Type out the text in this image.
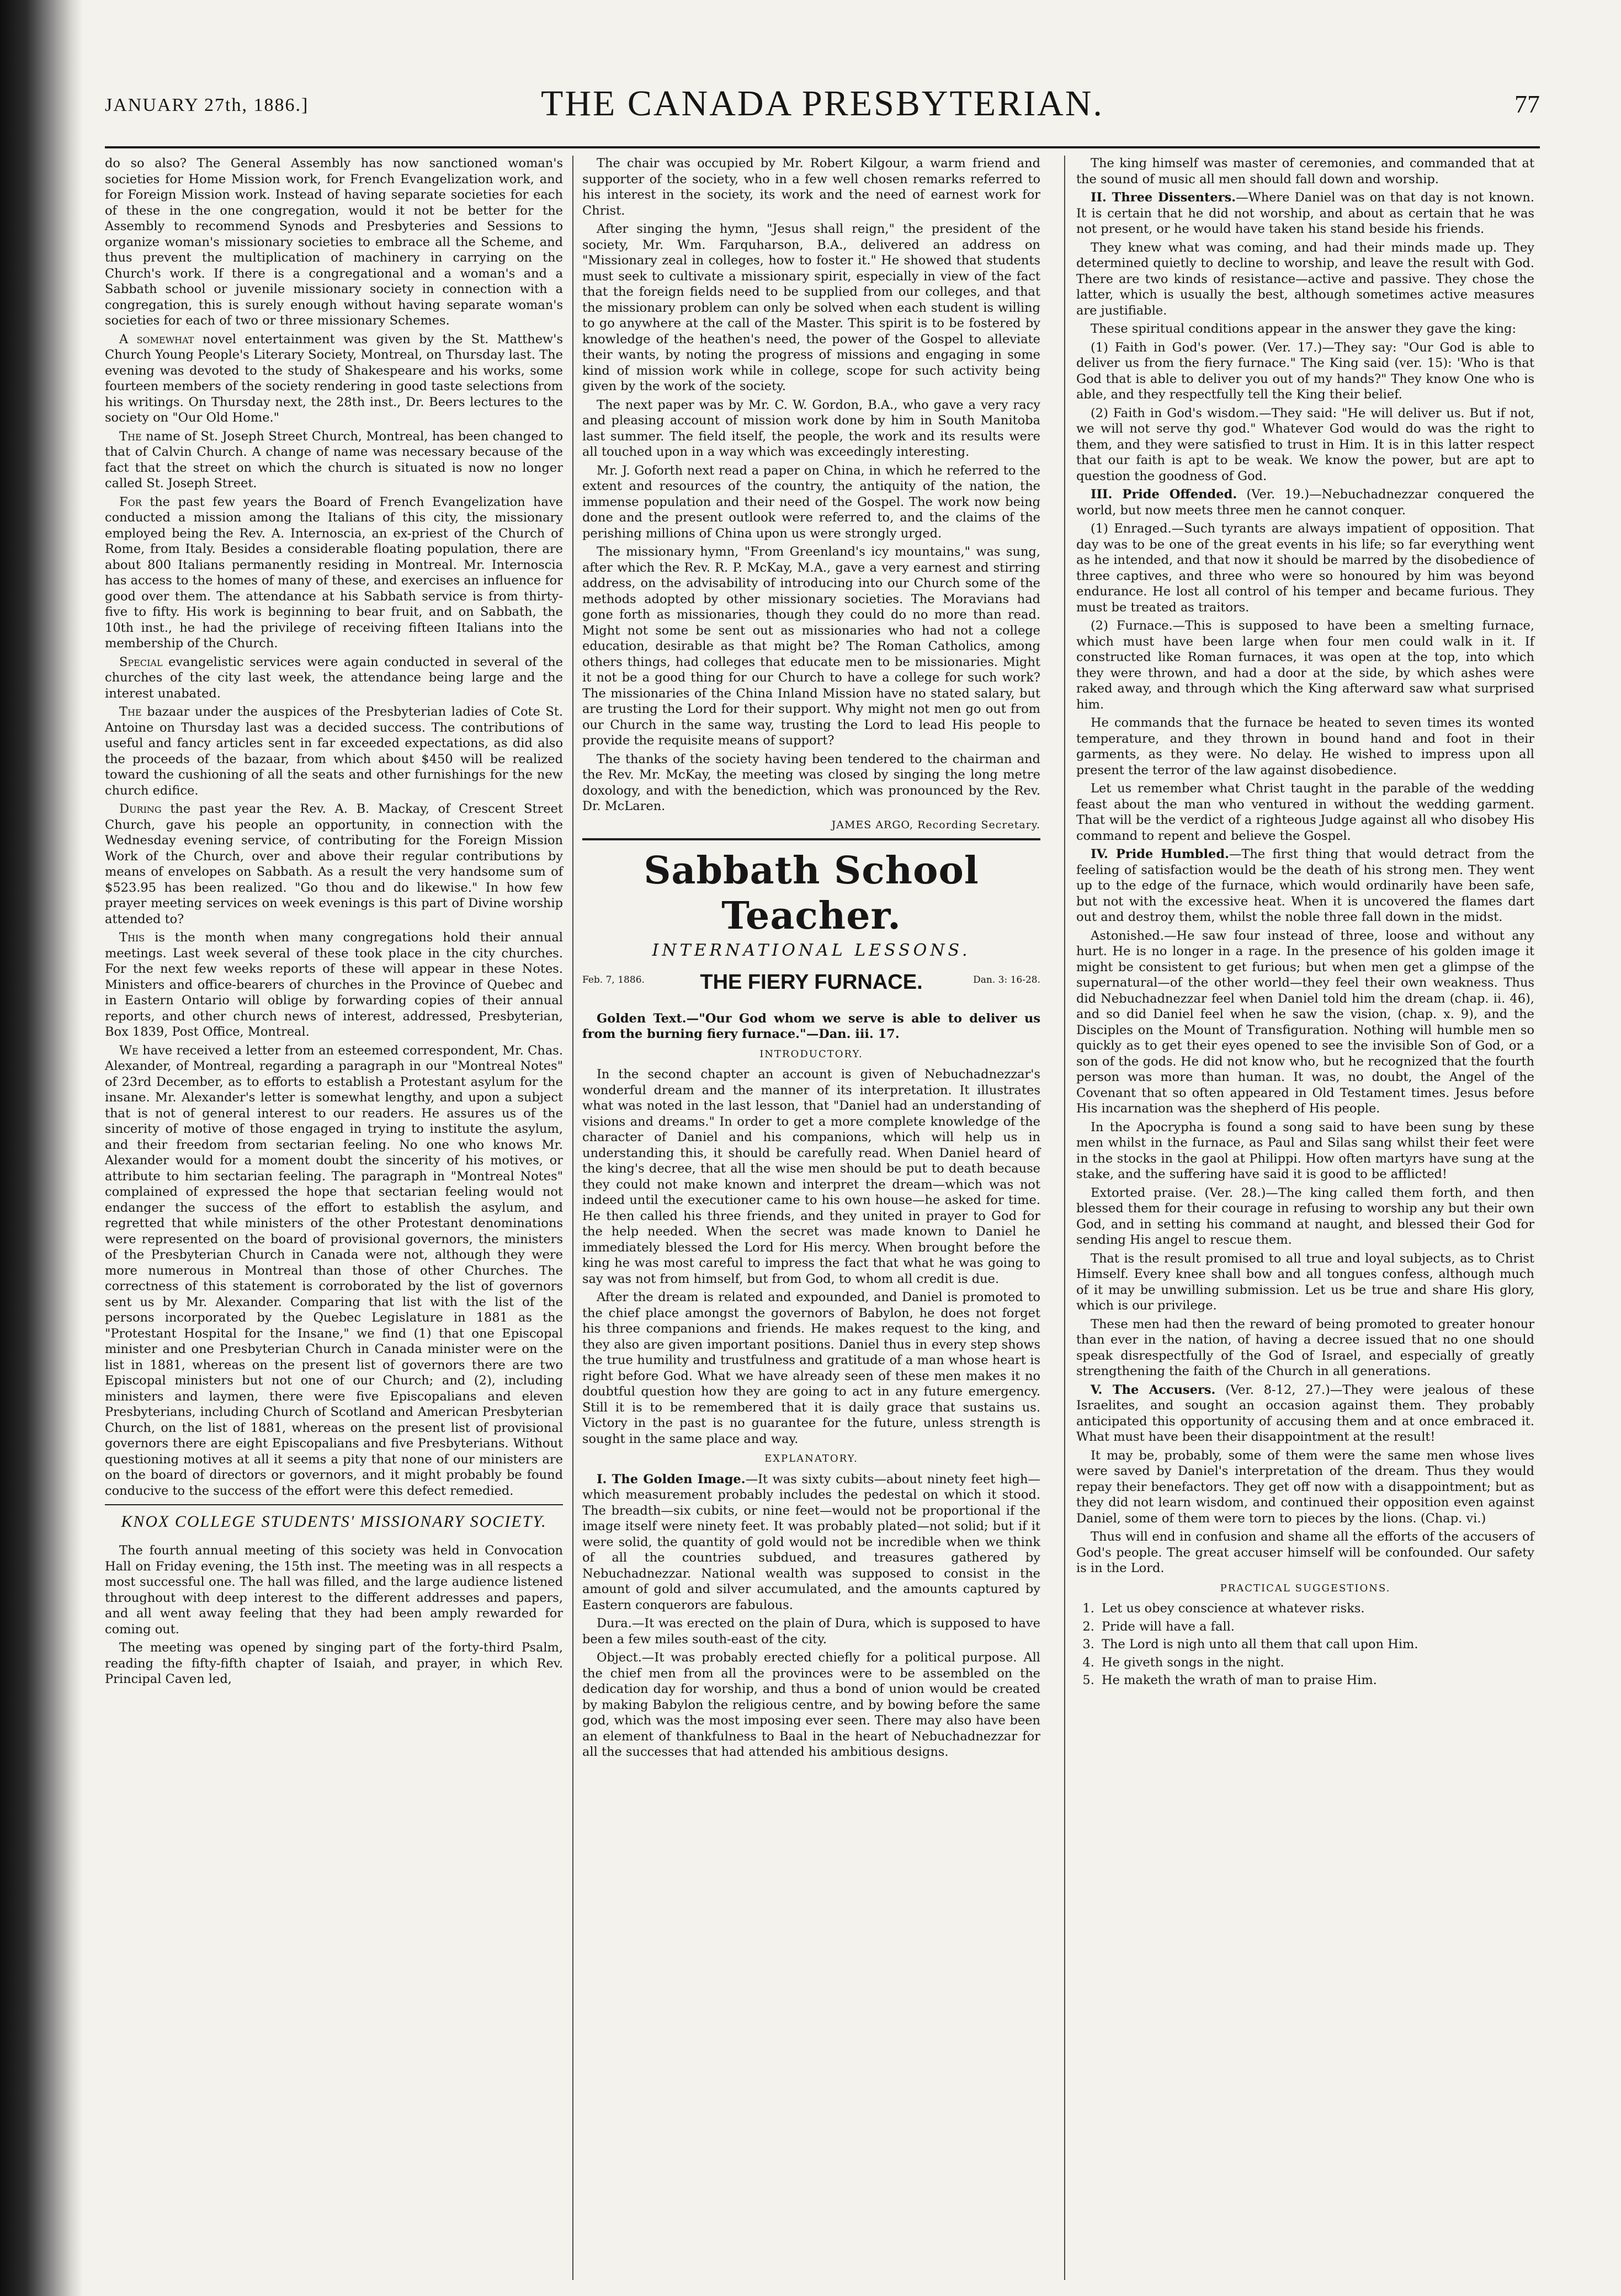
JANUARY 27th, 1886.]	THE CANADA PRESBYTERIAN.	77

do so also? The General Assembly has now sanctioned woman's societies for Home Mission work, for French Evangelization work, and for Foreign Mission work. Instead of having separate societies for each of these in the one congregation, would it not be better for the Assembly to recommend Synods and Presbyteries and Sessions to organize woman's missionary societies to embrace all the Scheme, and thus prevent the multiplication of machinery in carrying on the Church's work. If there is a congregational and a woman's and a Sabbath school or juvenile missionary society in connection with a congregation, this is surely enough without having separate woman's societies for each of two or three missionary Schemes.

A somewhat novel entertainment was given by the St. Matthew's Church Young People's Literary Society, Montreal, on Thursday last. The evening was devoted to the study of Shakespeare and his works, some fourteen members of the society rendering in good taste selections from his writings. On Thursday next, the 28th inst., Dr. Beers lectures to the society on "Our Old Home."

The name of St. Joseph Street Church, Montreal, has been changed to that of Calvin Church. A change of name was necessary because of the fact that the street on which the church is situated is now no longer called St. Joseph Street.

For the past few years the Board of French Evangelization have conducted a mission among the Italians of this city, the missionary employed being the Rev. A. Internoscia, an ex-priest of the Church of Rome, from Italy. Besides a considerable floating population, there are about 800 Italians permanently residing in Montreal. Mr. Internoscia has access to the homes of many of these, and exercises an influence for good over them. The attendance at his Sabbath service is from thirty-five to fifty. His work is beginning to bear fruit, and on Sabbath, the 10th inst., he had the privilege of receiving fifteen Italians into the membership of the Church.

Special evangelistic services were again conducted in several of the churches of the city last week, the attendance being large and the interest unabated.

The bazaar under the auspices of the Presbyterian ladies of Cote St. Antoine on Thursday last was a decided success. The contributions of useful and fancy articles sent in far exceeded expectations, as did also the proceeds of the bazaar, from which about $450 will be realized toward the cushioning of all the seats and other furnishings for the new church edifice.

During the past year the Rev. A. B. Mackay, of Crescent Street Church, gave his people an opportunity, in connection with the Wednesday evening service, of contributing for the Foreign Mission Work of the Church, over and above their regular contributions by means of envelopes on Sabbath. As a result the very handsome sum of $523.95 has been realized. "Go thou and do likewise." In how few prayer meeting services on week evenings is this part of Divine worship attended to?

This is the month when many congregations hold their annual meetings. Last week several of these took place in the city churches. For the next few weeks reports of these will appear in these Notes. Ministers and office-bearers of churches in the Province of Quebec and in Eastern Ontario will oblige by forwarding copies of their annual reports, and other church news of interest, addressed, Presbyterian, Box 1839, Post Office, Montreal.

We have received a letter from an esteemed correspondent, Mr. Chas. Alexander, of Montreal, regarding a paragraph in our "Montreal Notes" of 23rd December, as to efforts to establish a Protestant asylum for the insane. Mr. Alexander's letter is somewhat lengthy, and upon a subject that is not of general interest to our readers. He assures us of the sincerity of motive of those engaged in trying to institute the asylum, and their freedom from sectarian feeling. No one who knows Mr. Alexander would for a moment doubt the sincerity of his motives, or attribute to him sectarian feeling. The paragraph in "Montreal Notes" complained of expressed the hope that sectarian feeling would not endanger the success of the effort to establish the asylum, and regretted that while ministers of the other Protestant denominations were represented on the board of provisional governors, the ministers of the Presbyterian Church in Canada were not, although they were more numerous in Montreal than those of other Churches. The correctness of this statement is corroborated by the list of governors sent us by Mr. Alexander. Comparing that list with the list of the persons incorporated by the Quebec Legislature in 1881 as the "Protestant Hospital for the Insane," we find (1) that one Episcopal minister and one Presbyterian Church in Canada minister were on the list in 1881, whereas on the present list of governors there are two Episcopal ministers but not one of our Church; and (2), including ministers and laymen, there were five Episcopalians and eleven Presbyterians, including Church of Scotland and American Presbyterian Church, on the list of 1881, whereas on the present list of provisional governors there are eight Episcopalians and five Presbyterians. Without questioning motives at all it seems a pity that none of our ministers are on the board of directors or governors, and it might probably be found conducive to the success of the effort were this defect remedied.

KNOX COLLEGE STUDENTS' MISSIONARY SOCIETY.

The fourth annual meeting of this society was held in Convocation Hall on Friday evening, the 15th inst. The meeting was in all respects a most successful one. The hall was filled, and the large audience listened throughout with deep interest to the different addresses and papers, and all went away feeling that they had been amply rewarded for coming out.

The meeting was opened by singing part of the forty-third Psalm, reading the fifty-fifth chapter of Isaiah, and prayer, in which Rev. Principal Caven led,

The chair was occupied by Mr. Robert Kilgour, a warm friend and supporter of the society, who in a few well chosen remarks referred to his interest in the society, its work and the need of earnest work for Christ.

After singing the hymn, "Jesus shall reign," the president of the society, Mr. Wm. Farquharson, B.A., delivered an address on "Missionary zeal in colleges, how to foster it." He showed that students must seek to cultivate a missionary spirit, especially in view of the fact that the foreign fields need to be supplied from our colleges, and that the missionary problem can only be solved when each student is willing to go anywhere at the call of the Master. This spirit is to be fostered by knowledge of the heathen's need, the power of the Gospel to alleviate their wants, by noting the progress of missions and engaging in some kind of mission work while in college, scope for such activity being given by the work of the society.

The next paper was by Mr. C. W. Gordon, B.A., who gave a very racy and pleasing account of mission work done by him in South Manitoba last summer. The field itself, the people, the work and its results were all touched upon in a way which was exceedingly interesting.

Mr. J. Goforth next read a paper on China, in which he referred to the extent and resources of the country, the antiquity of the nation, the immense population and their need of the Gospel. The work now being done and the present outlook were referred to, and the claims of the perishing millions of China upon us were strongly urged.

The missionary hymn, "From Greenland's icy mountains," was sung, after which the Rev. R. P. McKay, M.A., gave a very earnest and stirring address, on the advisability of introducing into our Church some of the methods adopted by other missionary societies. The Moravians had gone forth as missionaries, though they could do no more than read. Might not some be sent out as missionaries who had not a college education, desirable as that might be? The Roman Catholics, among others things, had colleges that educate men to be missionaries. Might it not be a good thing for our Church to have a college for such work? The missionaries of the China Inland Mission have no stated salary, but are trusting the Lord for their support. Why might not men go out from our Church in the same way, trusting the Lord to lead His people to provide the requisite means of support?

The thanks of the society having been tendered to the chairman and the Rev. Mr. McKay, the meeting was closed by singing the long metre doxology, and with the benediction, which was pronounced by the Rev. Dr. McLaren.

JAMES ARGO, Recording Secretary.
Sabbath School Teacher.
INTERNATIONAL LESSONS.
Feb. 7, 1886.	THE FIERY FURNACE.	Dan. 3: 16-28.

Golden Text.—"Our God whom we serve is able to deliver us from the burning fiery furnace."—Dan. iii. 17.

INTRODUCTORY.

In the second chapter an account is given of Nebuchadnezzar's wonderful dream and the manner of its interpretation. It illustrates what was noted in the last lesson, that "Daniel had an understanding of visions and dreams." In order to get a more complete knowledge of the character of Daniel and his companions, which will help us in understanding this, it should be carefully read. When Daniel heard of the king's decree, that all the wise men should be put to death because they could not make known and interpret the dream—which was not indeed until the executioner came to his own house—he asked for time. He then called his three friends, and they united in prayer to God for the help needed. When the secret was made known to Daniel he immediately blessed the Lord for His mercy. When brought before the king he was most careful to impress the fact that what he was going to say was not from himself, but from God, to whom all credit is due.

After the dream is related and expounded, and Daniel is promoted to the chief place amongst the governors of Babylon, he does not forget his three companions and friends. He makes request to the king, and they also are given important positions. Daniel thus in every step shows the true humility and trustfulness and gratitude of a man whose heart is right before God. What we have already seen of these men makes it no doubtful question how they are going to act in any future emergency. Still it is to be remembered that it is daily grace that sustains us. Victory in the past is no guarantee for the future, unless strength is sought in the same place and way.

EXPLANATORY.

I. The Golden Image.—It was sixty cubits—about ninety feet high—which measurement probably includes the pedestal on which it stood. The breadth—six cubits, or nine feet—would not be proportional if the image itself were ninety feet. It was probably plated—not solid; but if it were solid, the quantity of gold would not be incredible when we think of all the countries subdued, and treasures gathered by Nebuchadnezzar. National wealth was supposed to consist in the amount of gold and silver accumulated, and the amounts captured by Eastern conquerors are fabulous.

Dura.—It was erected on the plain of Dura, which is supposed to have been a few miles south-east of the city.

Object.—It was probably erected chiefly for a political purpose. All the chief men from all the provinces were to be assembled on the dedication day for worship, and thus a bond of union would be created by making Babylon the religious centre, and by bowing before the same god, which was the most imposing ever seen. There may also have been an element of thankfulness to Baal in the heart of Nebuchadnezzar for all the successes that had attended his ambitious designs.

The king himself was master of ceremonies, and commanded that at the sound of music all men should fall down and worship.

II. Three Dissenters.—Where Daniel was on that day is not known. It is certain that he did not worship, and about as certain that he was not present, or he would have taken his stand beside his friends.

They knew what was coming, and had their minds made up. They determined quietly to decline to worship, and leave the result with God. There are two kinds of resistance—active and passive. They chose the latter, which is usually the best, although sometimes active measures are justifiable.

These spiritual conditions appear in the answer they gave the king:

(1) Faith in God's power. (Ver. 17.)—They say: "Our God is able to deliver us from the fiery furnace." The King said (ver. 15): 'Who is that God that is able to deliver you out of my hands?" They know One who is able, and they respectfully tell the King their belief.

(2) Faith in God's wisdom.—They said: "He will deliver us. But if not, we will not serve thy god." Whatever God would do was the right to them, and they were satisfied to trust in Him. It is in this latter respect that our faith is apt to be weak. We know the power, but are apt to question the goodness of God.

III. Pride Offended. (Ver. 19.)—Nebuchadnezzar conquered the world, but now meets three men he cannot conquer.

(1) Enraged.—Such tyrants are always impatient of opposition. That day was to be one of the great events in his life; so far everything went as he intended, and that now it should be marred by the disobedience of three captives, and three who were so honoured by him was beyond endurance. He lost all control of his temper and became furious. They must be treated as traitors.

(2) Furnace.—This is supposed to have been a smelting furnace, which must have been large when four men could walk in it. If constructed like Roman furnaces, it was open at the top, into which they were thrown, and had a door at the side, by which ashes were raked away, and through which the King afterward saw what surprised him.

He commands that the furnace be heated to seven times its wonted temperature, and they thrown in bound hand and foot in their garments, as they were. No delay. He wished to impress upon all present the terror of the law against disobedience.

Let us remember what Christ taught in the parable of the wedding feast about the man who ventured in without the wedding garment. That will be the verdict of a righteous Judge against all who disobey His command to repent and believe the Gospel.

IV. Pride Humbled.—The first thing that would detract from the feeling of satisfaction would be the death of his strong men. They went up to the edge of the furnace, which would ordinarily have been safe, but not with the excessive heat. When it is uncovered the flames dart out and destroy them, whilst the noble three fall down in the midst.

Astonished.—He saw four instead of three, loose and without any hurt. He is no longer in a rage. In the presence of his golden image it might be consistent to get furious; but when men get a glimpse of the supernatural—of the other world—they feel their own weakness. Thus did Nebuchadnezzar feel when Daniel told him the dream (chap. ii. 46), and so did Daniel feel when he saw the vision, (chap. x. 9), and the Disciples on the Mount of Transfiguration. Nothing will humble men so quickly as to get their eyes opened to see the invisible Son of God, or a son of the gods. He did not know who, but he recognized that the fourth person was more than human. It was, no doubt, the Angel of the Covenant that so often appeared in Old Testament times. Jesus before His incarnation was the shepherd of His people.

In the Apocrypha is found a song said to have been sung by these men whilst in the furnace, as Paul and Silas sang whilst their feet were in the stocks in the gaol at Philippi. How often martyrs have sung at the stake, and the suffering have said it is good to be afflicted!

Extorted praise. (Ver. 28.)—The king called them forth, and then blessed them for their courage in refusing to worship any but their own God, and in setting his command at naught, and blessed their God for sending His angel to rescue them.

That is the result promised to all true and loyal subjects, as to Christ Himself. Every knee shall bow and all tongues confess, although much of it may be unwilling submission. Let us be true and share His glory, which is our privilege.

These men had then the reward of being promoted to greater honour than ever in the nation, of having a decree issued that no one should speak disrespectfully of the God of Israel, and especially of greatly strengthening the faith of the Church in all generations.

V. The Accusers. (Ver. 8-12, 27.)—They were jealous of these Israelites, and sought an occasion against them. They probably anticipated this opportunity of accusing them and at once embraced it. What must have been their disappointment at the result!

It may be, probably, some of them were the same men whose lives were saved by Daniel's interpretation of the dream. Thus they would repay their benefactors. They get off now with a disappointment; but as they did not learn wisdom, and continued their opposition even against Daniel, some of them were torn to pieces by the lions. (Chap. vi.)

Thus will end in confusion and shame all the efforts of the accusers of God's people. The great accuser himself will be confounded. Our safety is in the Lord.

PRACTICAL SUGGESTIONS.
1. Let us obey conscience at whatever risks.
2. Pride will have a fall.
3. The Lord is nigh unto all them that call upon Him.
4. He giveth songs in the night.
5. He maketh the wrath of man to praise Him.
